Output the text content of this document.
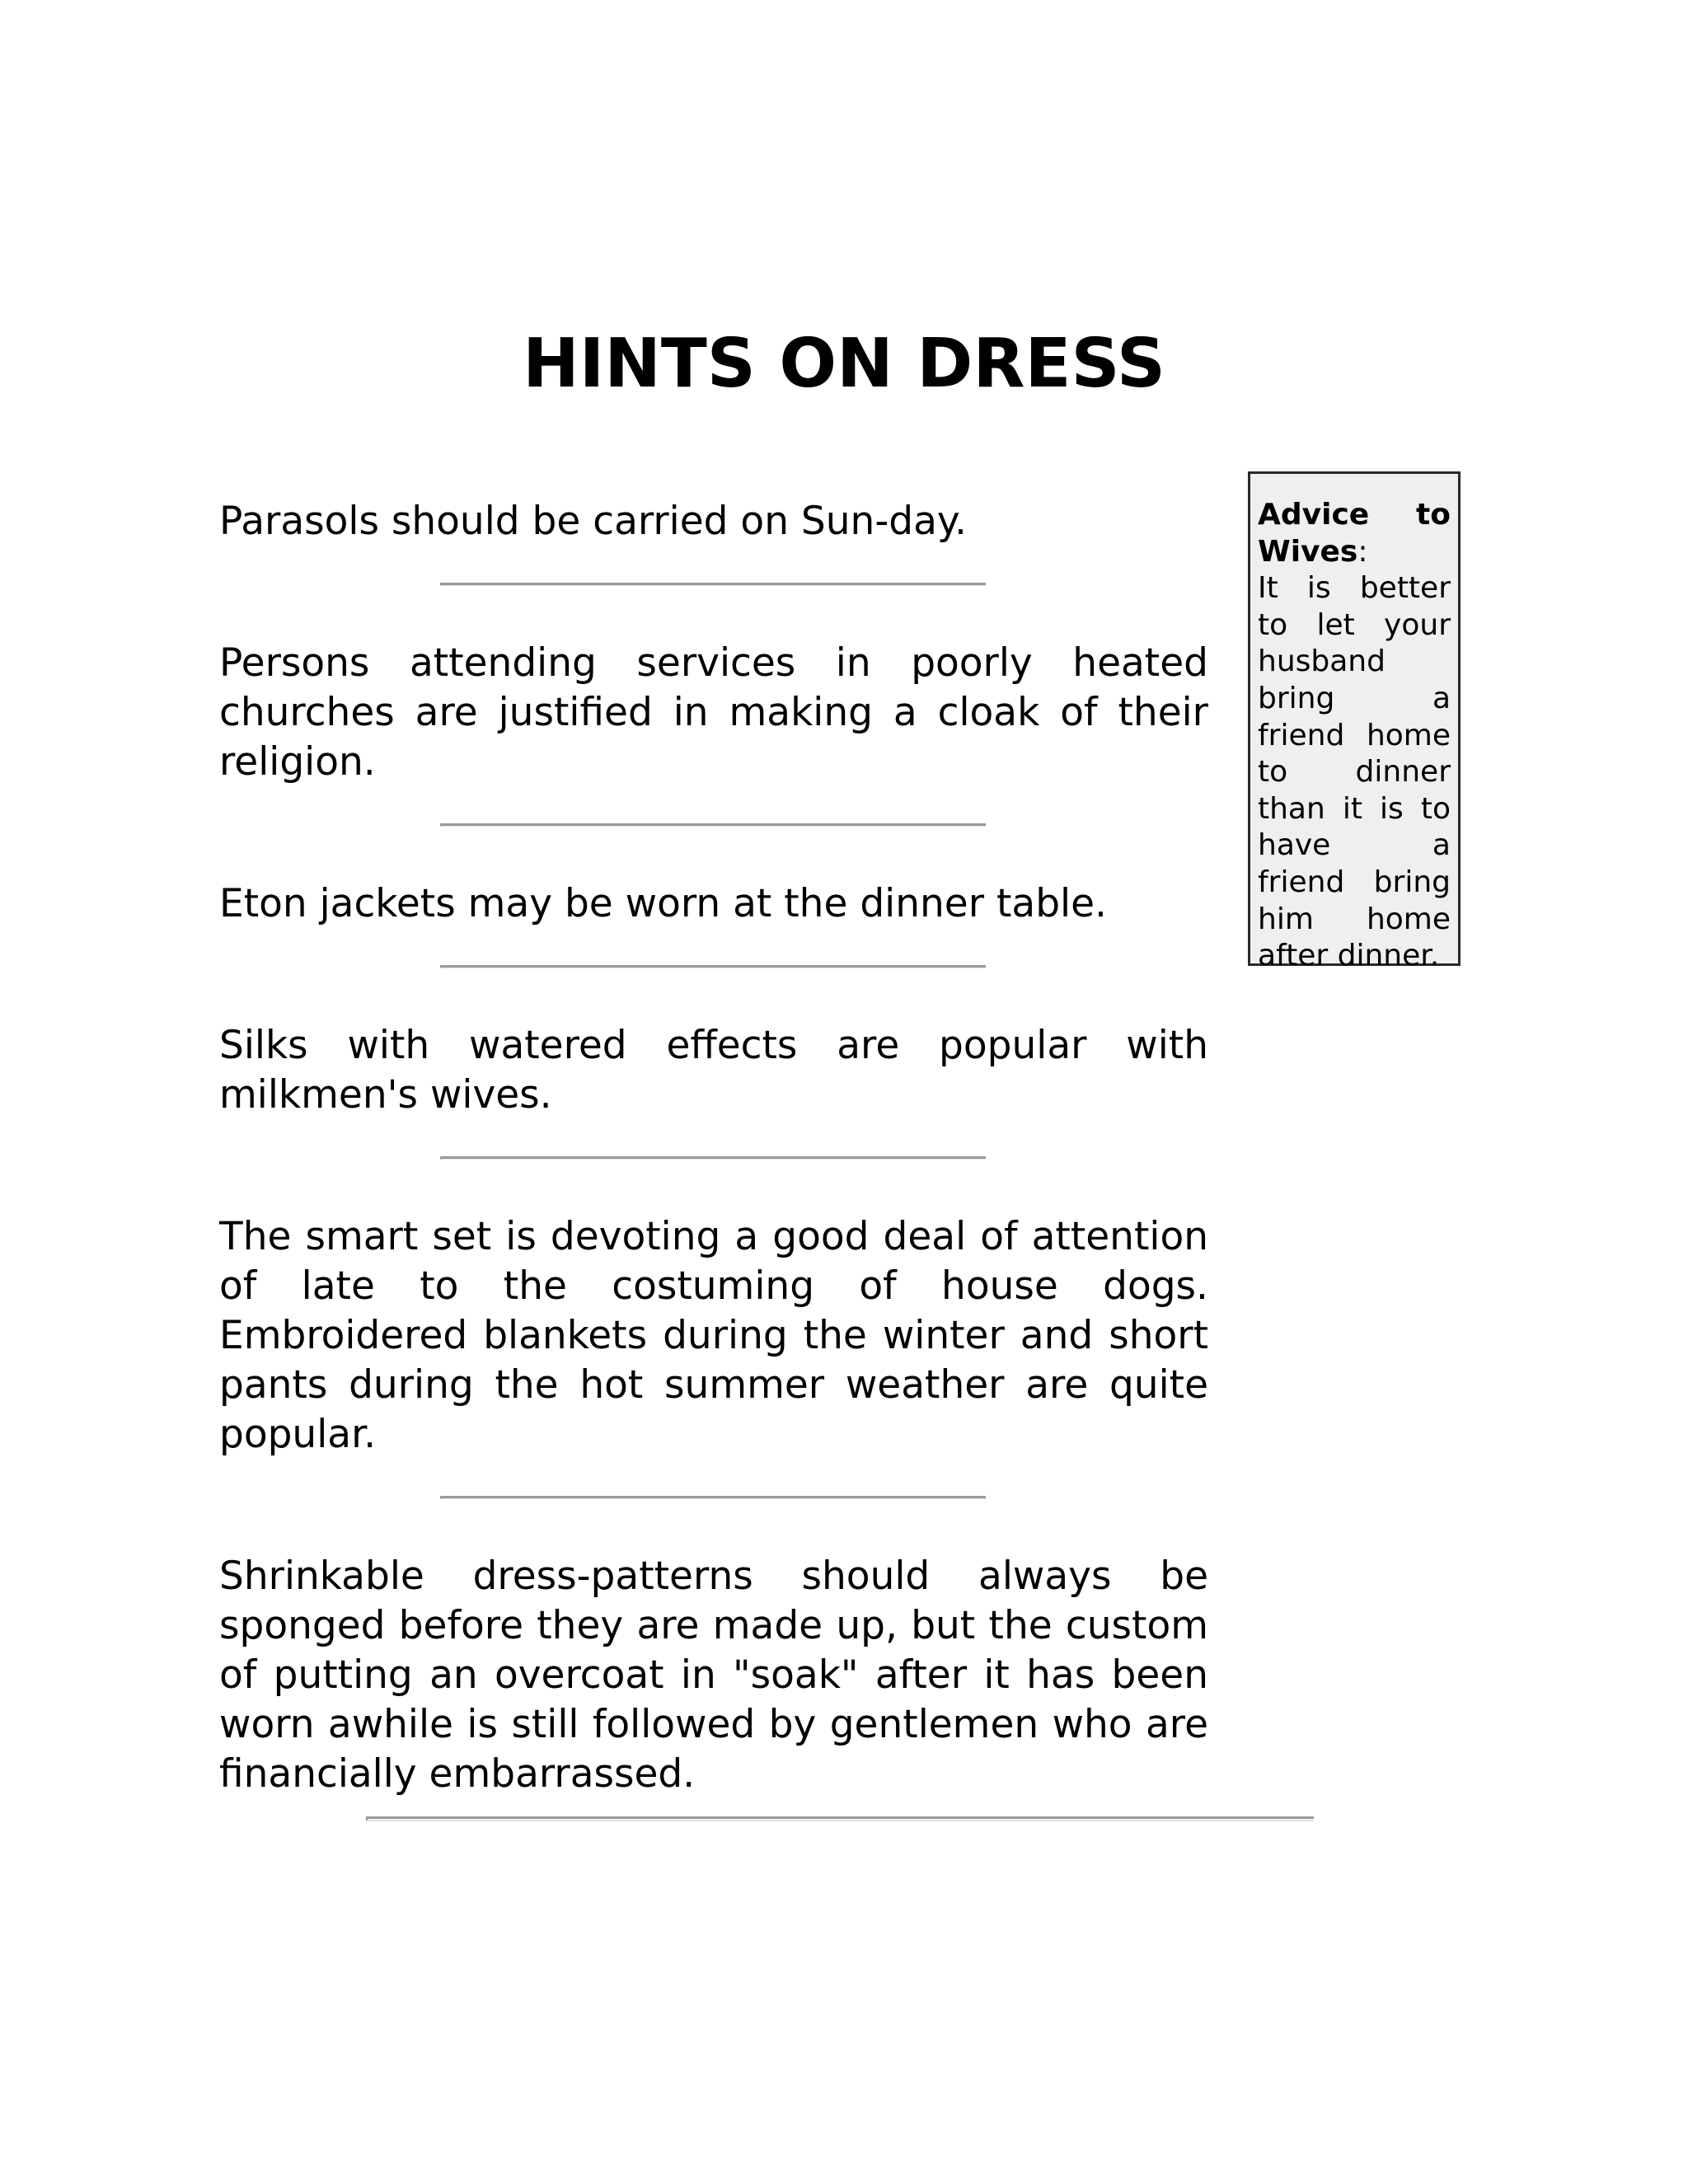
HINTS ON DRESS

Parasols should be carried on Sun-day.

Persons attending services in poorly heated churches are justified in making a cloak of their religion.

Eton jackets may be worn at the dinner table.

Silks with watered effects are popular with milkmen's wives.

The smart set is devoting a good deal of attention of late to the costuming of house dogs. Embroidered blankets during the winter and short pants during the hot summer weather are quite popular.

Shrinkable dress-patterns should always be sponged before they are made up, but the custom of putting an overcoat in "soak" after it has been worn awhile is still followed by gentlemen who are financially embarrassed.

Advice to
Wives:
It is better to let your husband bring a friend home to dinner than it is to have a friend bring him home after dinner.
